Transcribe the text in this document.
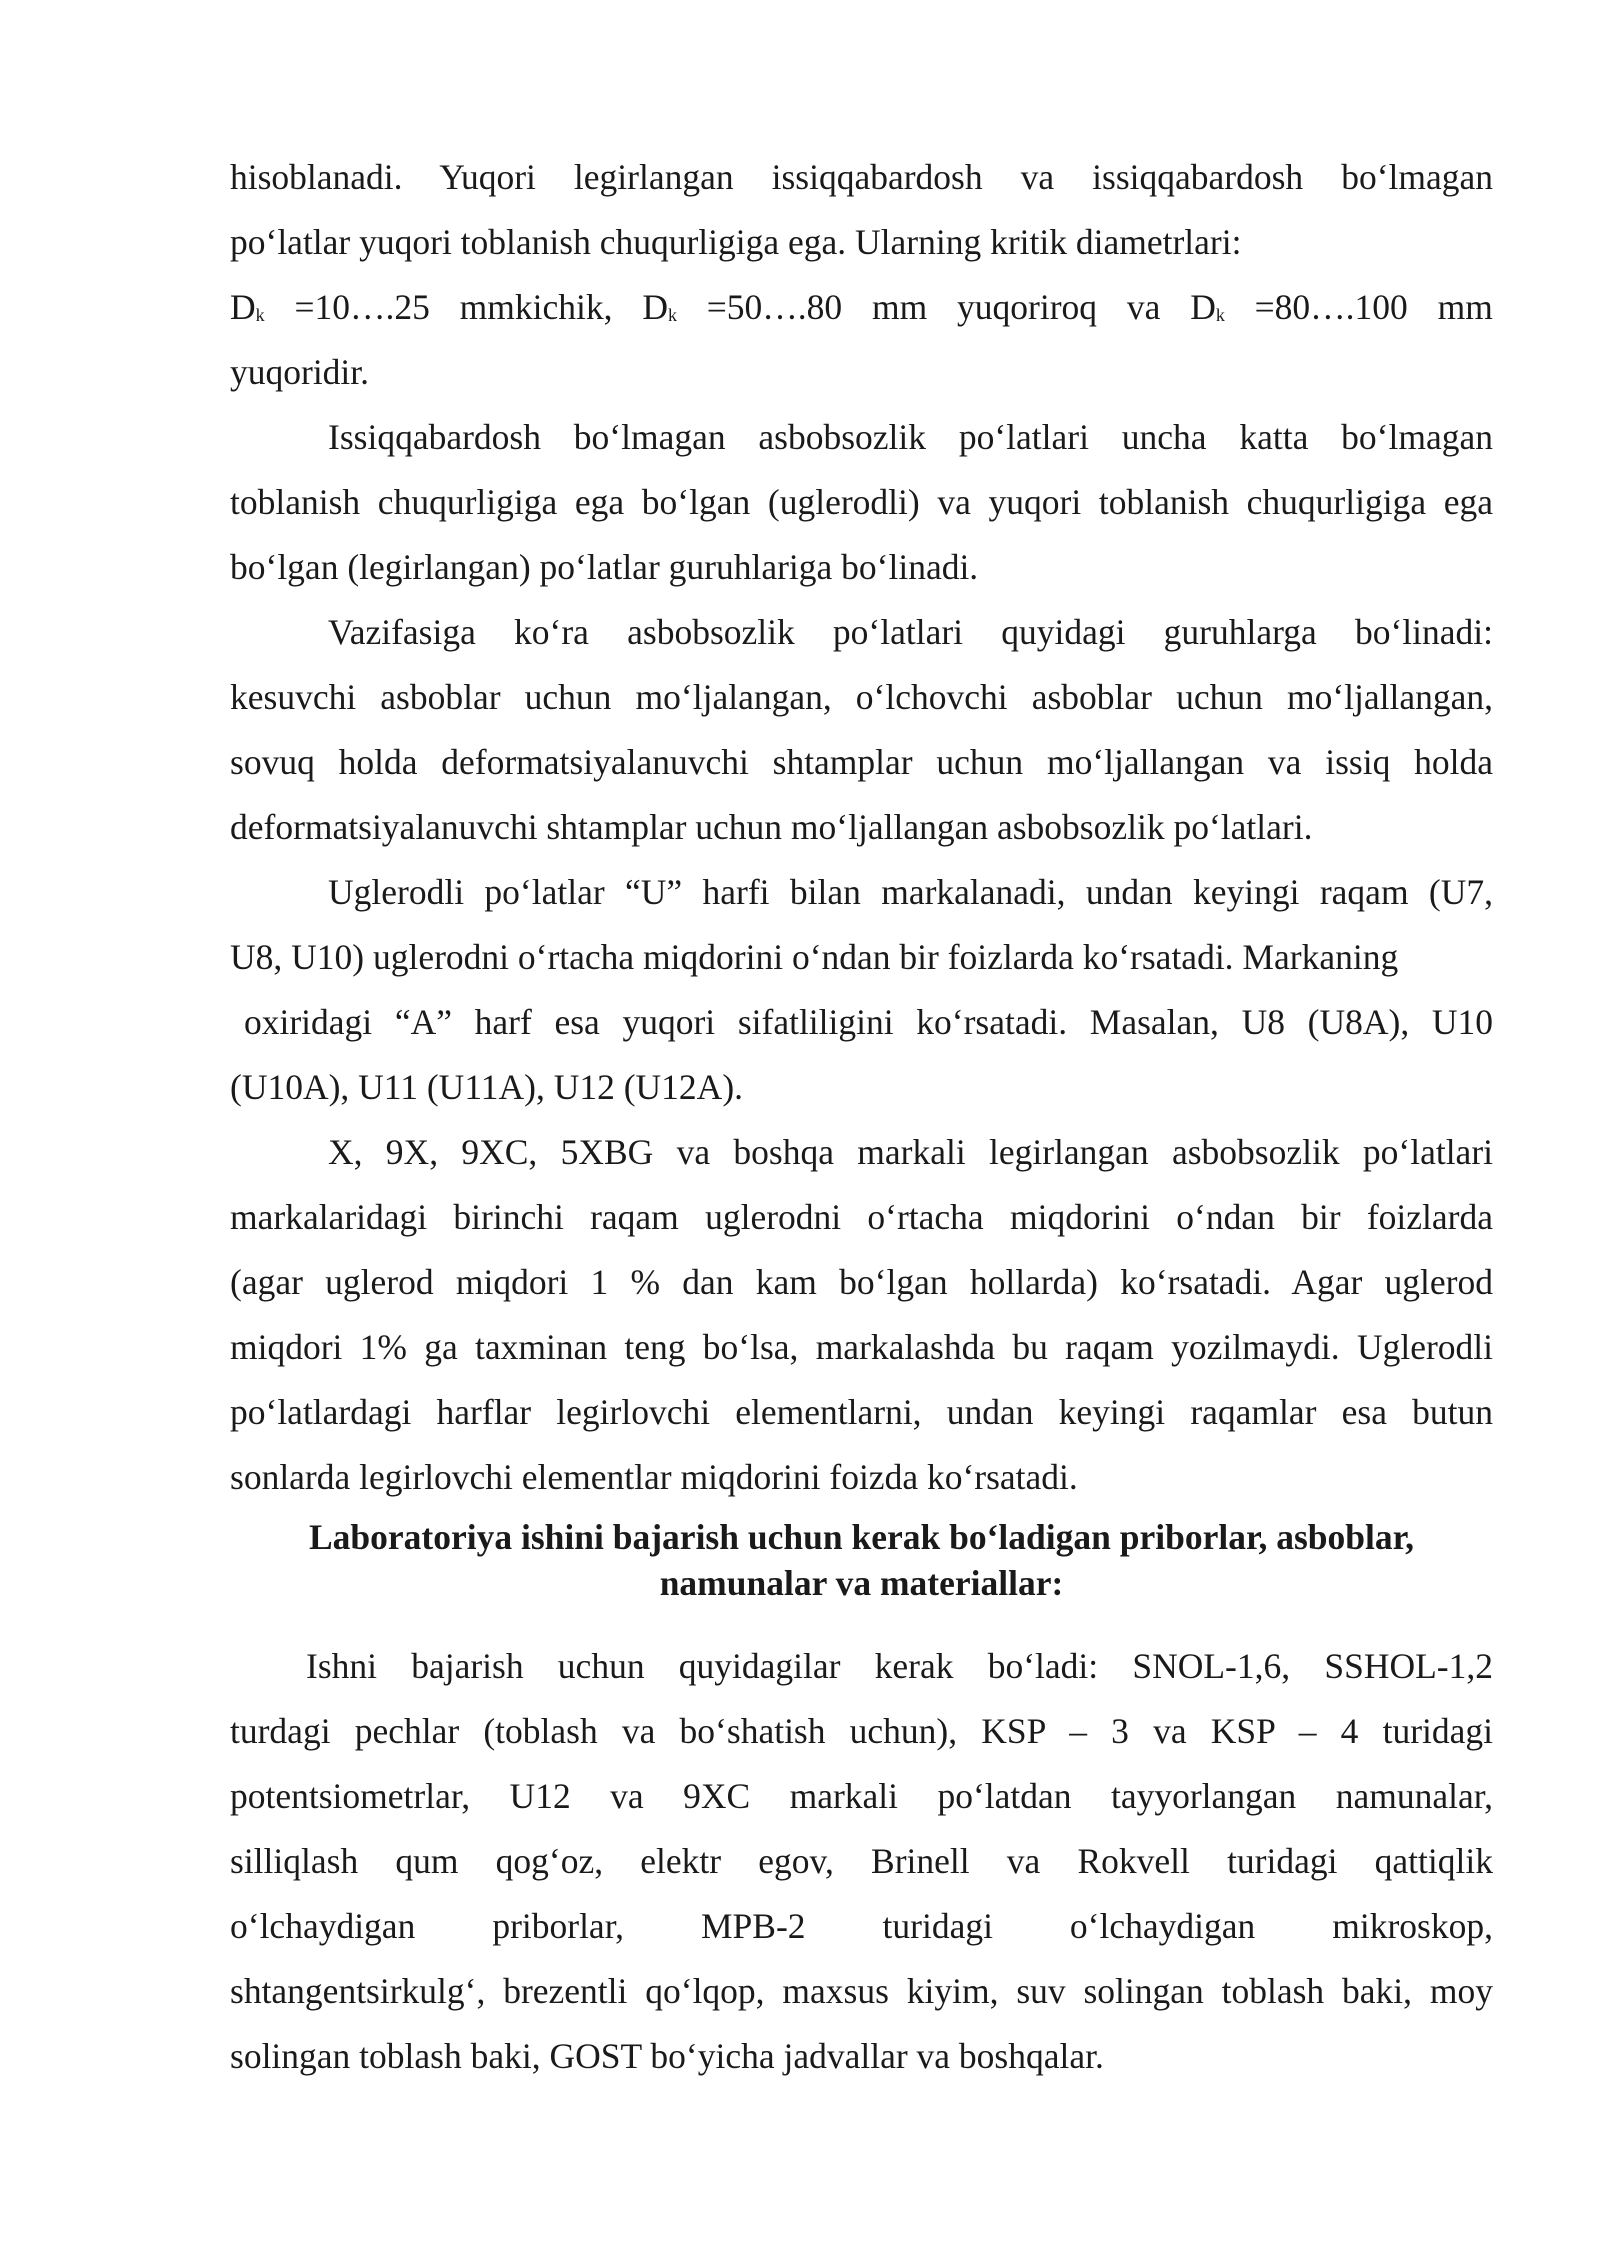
hisoblanadi. Yuqori legirlangan issiqqabardosh va issiqqabardosh boʻlmagan
poʻlatlar yuqori toblanish chuqurligiga ega. Ularning kritik diametrlari:
$D_k$ =10….25 mmkichik, $D_k$ =50….80 mm yuqoriroq va $D_k$ =80….100 mm
yuqoridir.
Issiqqabardosh boʻlmagan asbobsozlik poʻlatlari uncha katta boʻlmagan
toblanish chuqurligiga ega boʻlgan (uglerodli) va yuqori toblanish chuqurligiga ega
boʻlgan (legirlangan) poʻlatlar guruhlariga boʻlinadi.
Vazifasiga koʻra asbobsozlik poʻlatlari quyidagi guruhlarga boʻlinadi:
kesuvchi asboblar uchun moʻljalangan, oʻlchovchi asboblar uchun moʻljallangan,
sovuq holda deformatsiyalanuvchi shtamplar uchun moʻljallangan va issiq holda
deformatsiyalanuvchi shtamplar uchun moʻljallangan asbobsozlik poʻlatlari.
Uglerodli poʻlatlar “U” harfi bilan markalanadi, undan keyingi raqam (U7,
U8, U10) uglerodni oʻrtacha miqdorini oʻndan bir foizlarda koʻrsatadi. Markaning
oxiridagi “A” harf esa yuqori sifatliligini koʻrsatadi. Masalan, U8 (U8A), U10
(U10A), U11 (U11A), U12 (U12A).
X, 9X, 9XC, 5XBG va boshqa markali legirlangan asbobsozlik poʻlatlari
markalaridagi birinchi raqam uglerodni oʻrtacha miqdorini oʻndan bir foizlarda
(agar uglerod miqdori 1 % dan kam boʻlgan hollarda) koʻrsatadi. Agar uglerod
miqdori 1% ga taxminan teng boʻlsa, markalashda bu raqam yozilmaydi. Uglerodli
poʻlatlardagi harflar legirlovchi elementlarni, undan keyingi raqamlar esa butun
sonlarda legirlovchi elementlar miqdorini foizda koʻrsatadi.
Laboratoriya ishini bajarish uchun kerak boʻladigan priborlar, asboblar,
namunalar va materiallar:
Ishni bajarish uchun quyidagilar kerak boʻladi: SNOL-1,6, SSHOL-1,2
turdagi pechlar (toblash va boʻshatish uchun), KSP – 3 va KSP – 4 turidagi
potentsiometrlar, U12 va 9XC markali poʻlatdan tayyorlangan namunalar,
silliqlash qum qogʻoz, elektr egov, Brinell va Rokvell turidagi qattiqlik
oʻlchaydigan priborlar, MPB-2 turidagi oʻlchaydigan mikroskop,
shtangentsirkulgʻ, brezentli qoʻlqop, maxsus kiyim, suv solingan toblash baki, moy
solingan toblash baki, GOST boʻyicha jadvallar va boshqalar.
